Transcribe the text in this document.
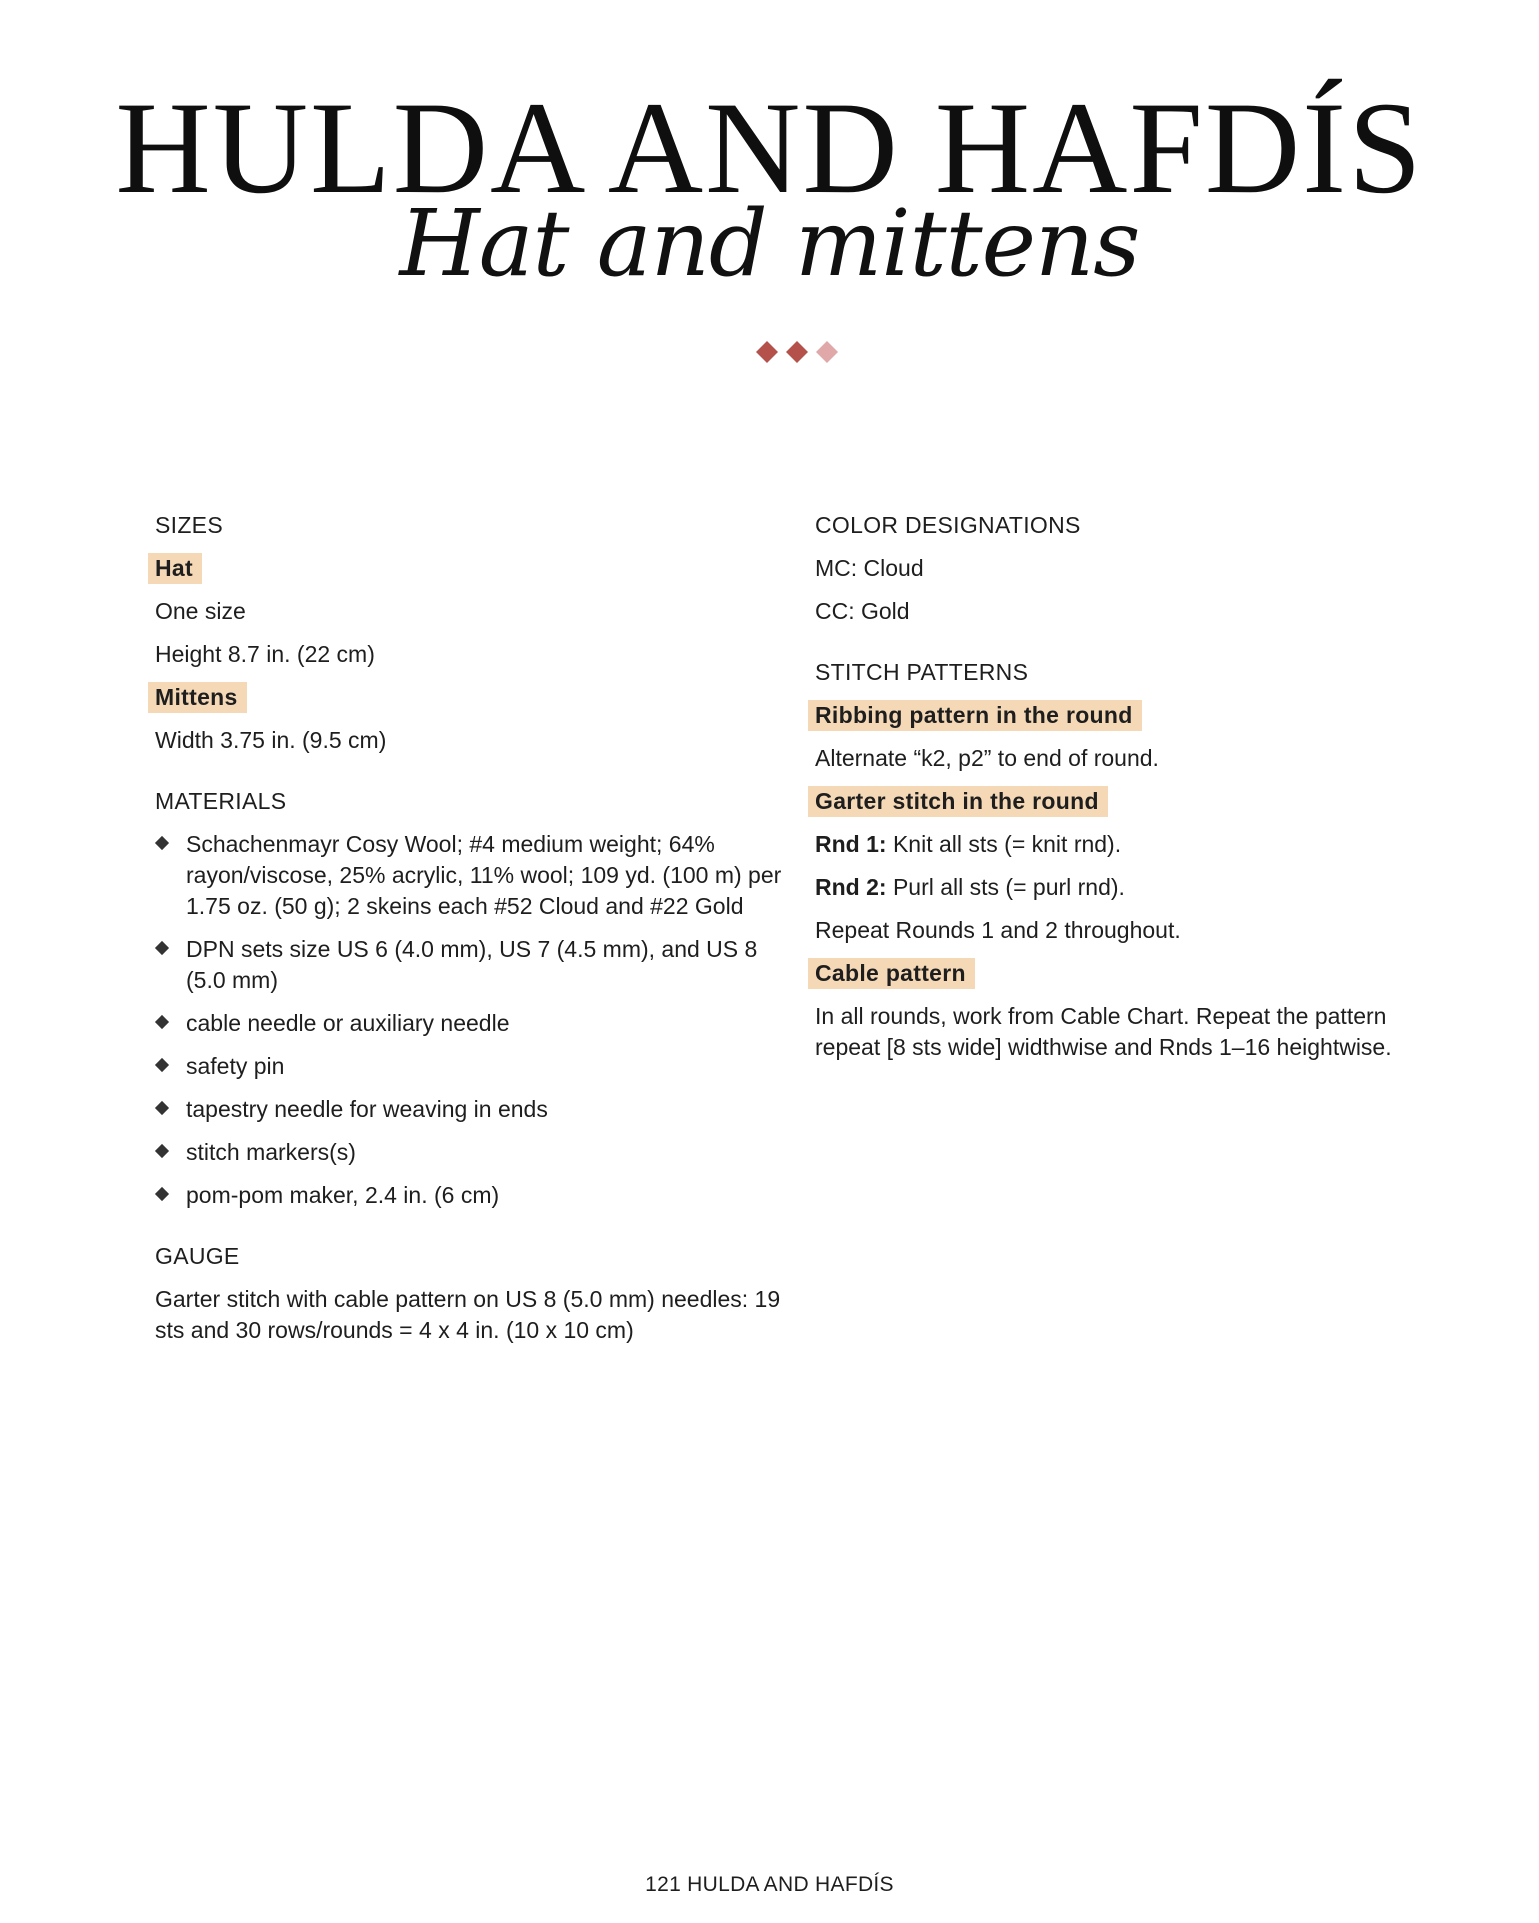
HULDA AND HAFDÍS
Hat and mittens
SIZES
Hat
One size
Height 8.7 in. (22 cm)
Mittens
Width 3.75 in. (9.5 cm)
MATERIALS
Schachenmayr Cosy Wool; #4 medium weight; 64% rayon/viscose, 25% acrylic, 11% wool; 109 yd. (100 m) per 1.75 oz. (50 g); 2 skeins each #52 Cloud and #22 Gold
DPN sets size US 6 (4.0 mm), US 7 (4.5 mm), and US 8 (5.0 mm)
cable needle or auxiliary needle
safety pin
tapestry needle for weaving in ends
stitch markers(s)
pom-pom maker, 2.4 in. (6 cm)
GAUGE
Garter stitch with cable pattern on US 8 (5.0 mm) needles: 19 sts and 30 rows/rounds = 4 x 4 in. (10 x 10 cm)
COLOR DESIGNATIONS
MC: Cloud
CC: Gold
STITCH PATTERNS
Ribbing pattern in the round
Alternate “k2, p2” to end of round.
Garter stitch in the round
Rnd 1: Knit all sts (= knit rnd).
Rnd 2: Purl all sts (= purl rnd).
Repeat Rounds 1 and 2 throughout.
Cable pattern
In all rounds, work from Cable Chart. Repeat the pattern repeat [8 sts wide] widthwise and Rnds 1–16 heightwise.
121 HULDA AND HAFDÍS
